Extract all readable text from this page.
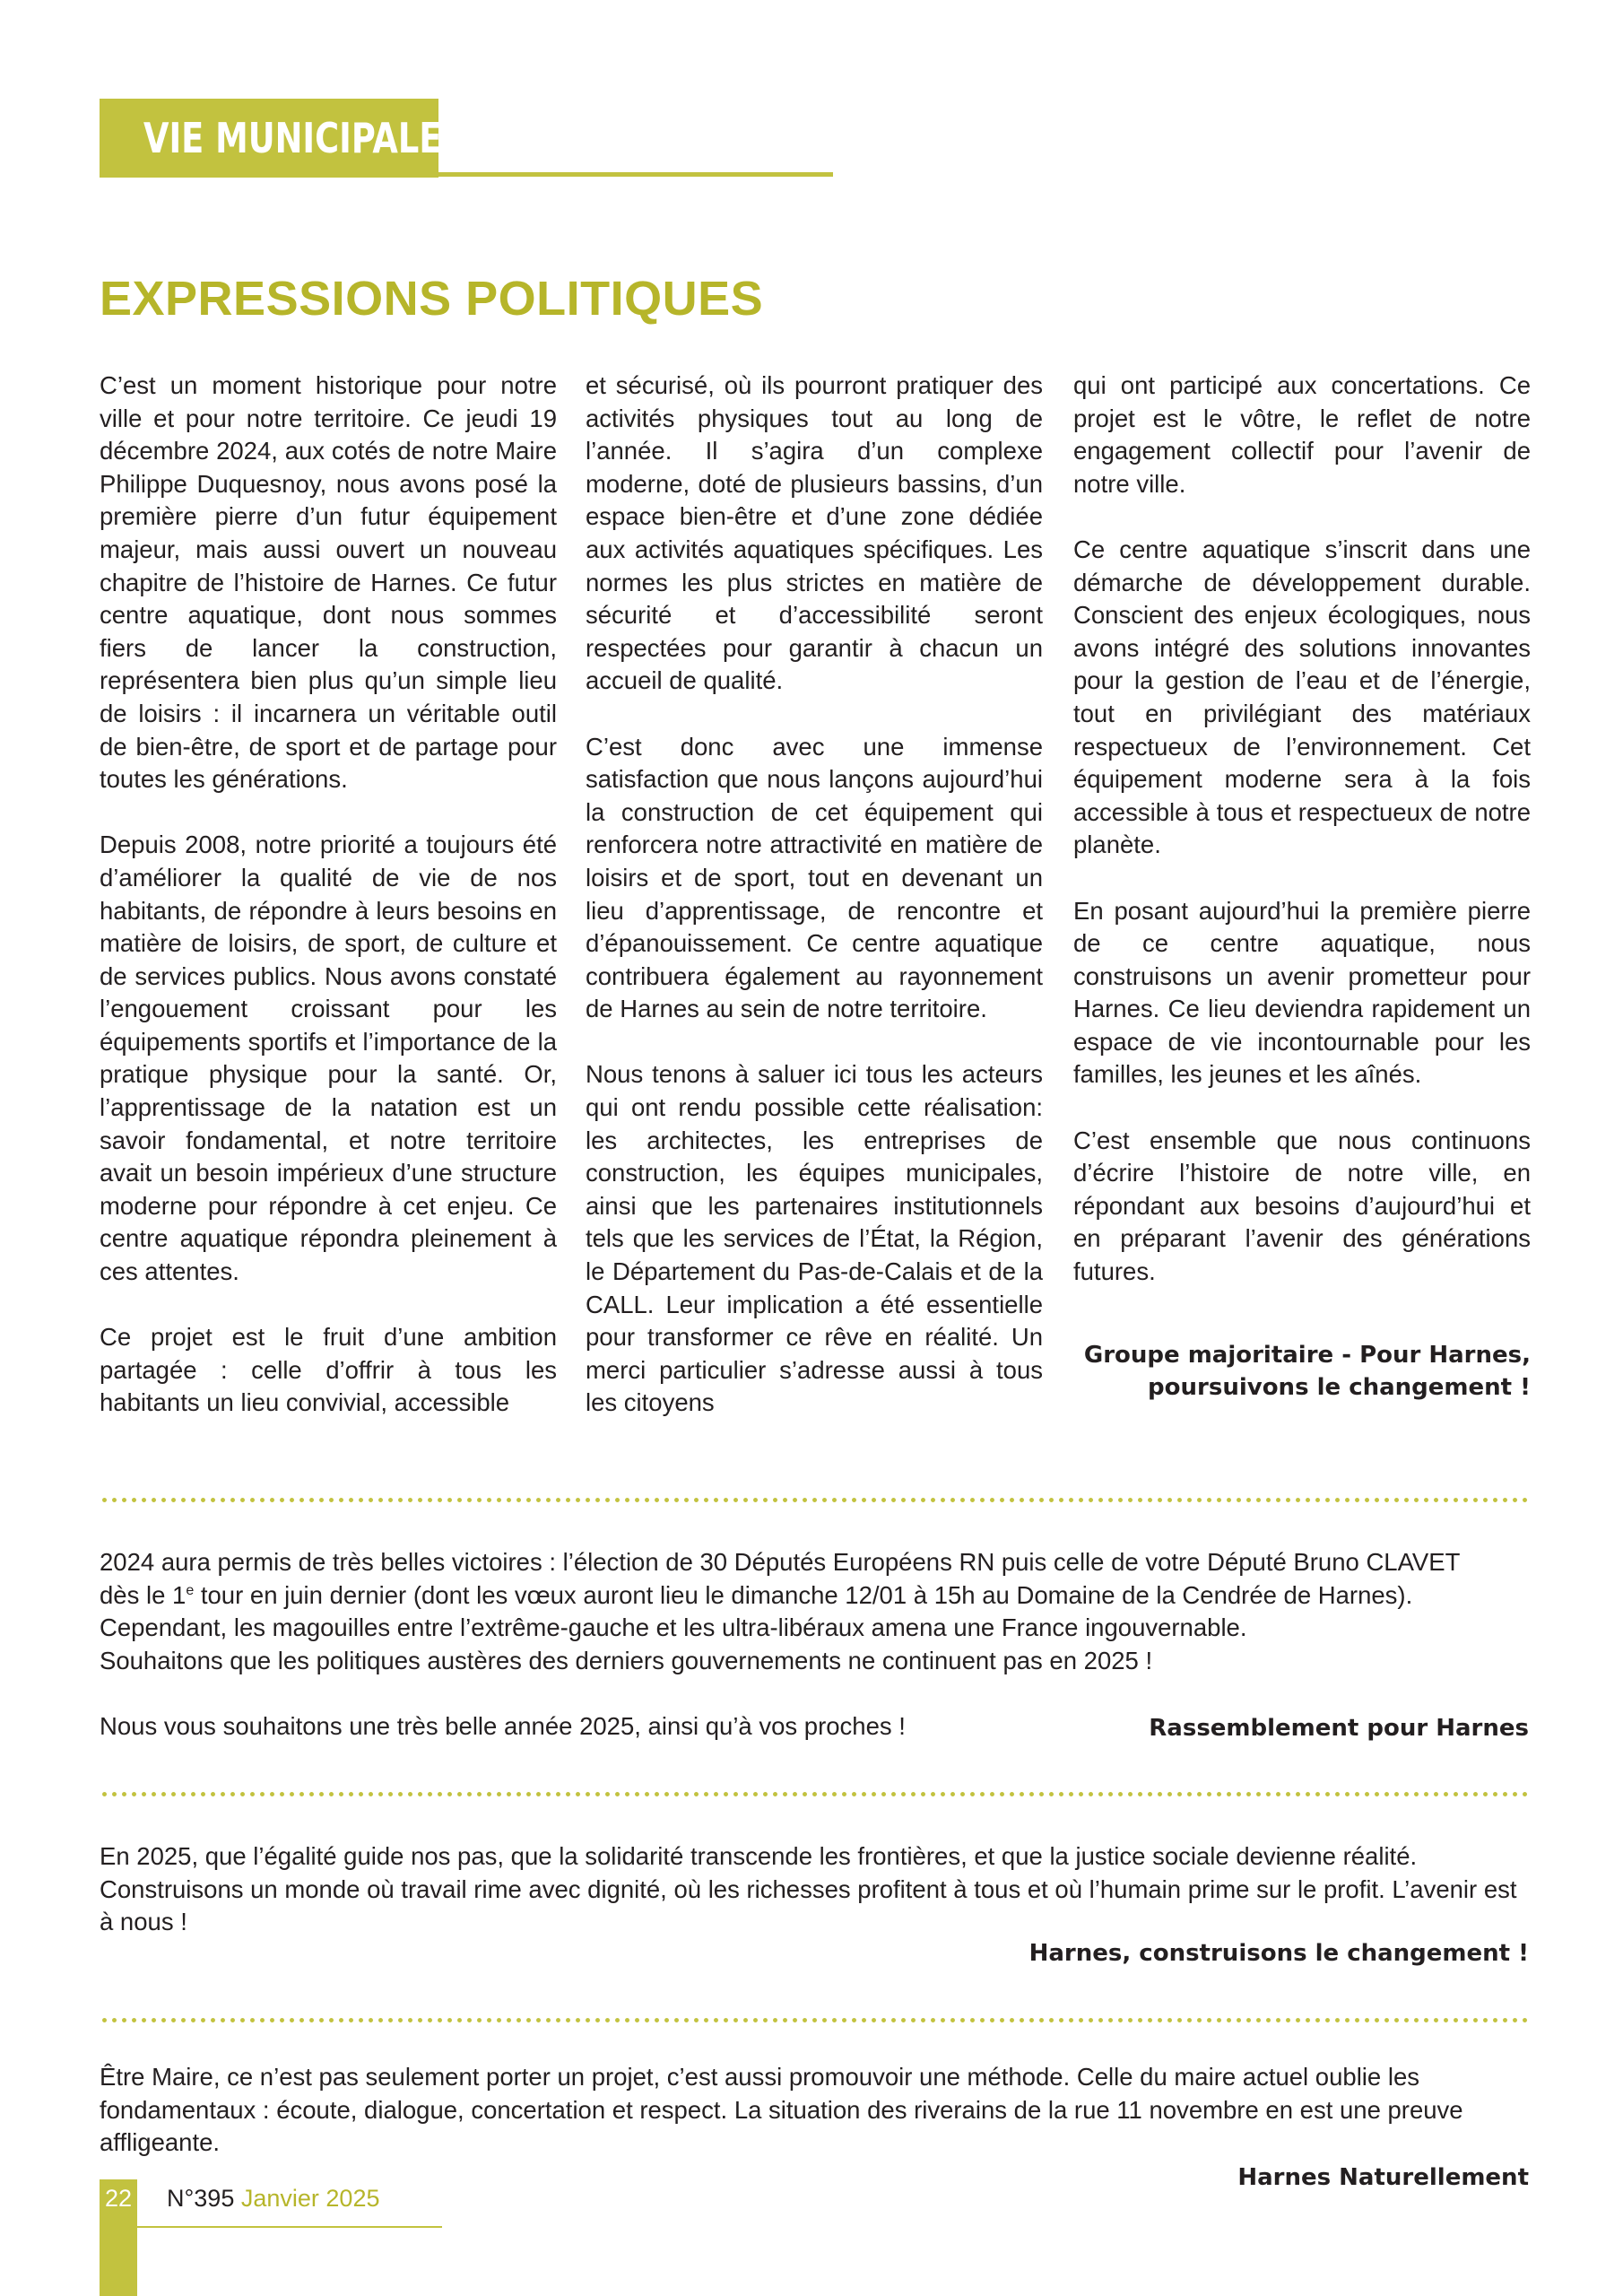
VIE MUNICIPALE
EXPRESSIONS POLITIQUES

C’est un moment historique pour notre ville et pour notre territoire. Ce jeudi 19 décembre 2024, aux cotés de notre Maire Philippe Duquesnoy, nous avons posé la première pierre d’un futur équipement majeur, mais aussi ouvert un nouveau chapitre de l’histoire de Harnes. Ce futur centre aquatique, dont nous sommes fiers de lancer la construction, représentera bien plus qu’un simple lieu de loisirs : il incarnera un véritable outil de bien-être, de sport et de partage pour toutes les générations.

Depuis 2008, notre priorité a toujours été d’améliorer la qualité de vie de nos habitants, de répondre à leurs besoins en matière de loisirs, de sport, de culture et de services publics. Nous avons constaté l’engouement croissant pour les équipements sportifs et l’importance de la pratique physique pour la santé. Or, l’apprentissage de la natation est un savoir fondamental, et notre territoire avait un besoin impérieux d’une structure moderne pour répondre à cet enjeu. Ce centre aquatique répondra pleinement à ces attentes.

Ce projet est le fruit d’une ambition partagée : celle d’offrir à tous les habitants un lieu convivial, accessible

et sécurisé, où ils pourront pratiquer des activités physiques tout au long de l’année. Il s’agira d’un complexe moderne, doté de plusieurs bassins, d’un espace bien-être et d’une zone dédiée aux activités aquatiques spécifiques. Les normes les plus strictes en matière de sécurité et d’accessibilité seront respectées pour garantir à chacun un accueil de qualité.

C’est donc avec une immense satisfaction que nous lançons aujourd’hui la construction de cet équipement qui renforcera notre attractivité en matière de loisirs et de sport, tout en devenant un lieu d’apprentissage, de rencontre et d’épanouissement. Ce centre aquatique contribuera également au rayonnement de Harnes au sein de notre territoire.

Nous tenons à saluer ici tous les acteurs qui ont rendu possible cette réalisation: les architectes, les entreprises de construction, les équipes municipales, ainsi que les partenaires institutionnels tels que les services de l’État, la Région, le Département du Pas-de-Calais et de la CALL. Leur implication a été essentielle pour transformer ce rêve en réalité. Un merci particulier s’adresse aussi à tous les citoyens

qui ont participé aux concertations. Ce projet est le vôtre, le reflet de notre engagement collectif pour l’avenir de notre ville.

Ce centre aquatique s’inscrit dans une démarche de développement durable. Conscient des enjeux écologiques, nous avons intégré des solutions innovantes pour la gestion de l’eau et de l’énergie, tout en privilégiant des matériaux respectueux de l’environnement. Cet équipement moderne sera à la fois accessible à tous et respectueux de notre planète.

En posant aujourd’hui la première pierre de ce centre aquatique, nous construisons un avenir prometteur pour Harnes. Ce lieu deviendra rapidement un espace de vie incontournable pour les familles, les jeunes et les aînés.

C’est ensemble que nous continuons d’écrire l’histoire de notre ville, en répondant aux besoins d’aujourd’hui et en préparant l’avenir des générations futures.

Groupe majoritaire - Pour Harnes,
poursuivons le changement !

2024 aura permis de très belles victoires : l’élection de 30 Députés Européens RN puis celle de votre Député Bruno CLAVET

dès le 1e tour en juin dernier (dont les vœux auront lieu le dimanche 12/01 à 15h au Domaine de la Cendrée de Harnes).

Cependant, les magouilles entre l’extrême-gauche et les ultra-libéraux amena une France ingouvernable.

Souhaitons que les politiques austères des derniers gouvernements ne continuent pas en 2025 !

Nous vous souhaitons une très belle année 2025, ainsi qu’à vos proches !	Rassemblement pour Harnes

En 2025, que l’égalité guide nos pas, que la solidarité transcende les frontières, et que la justice sociale devienne réalité. Construisons un monde où travail rime avec dignité, où les richesses profitent à tous et où l’humain prime sur le profit. L’avenir est à nous !

Harnes, construisons le changement !

Être Maire, ce n’est pas seulement porter un projet, c’est aussi promouvoir une méthode. Celle du maire actuel oublie les fondamentaux : écoute, dialogue, concertation et respect. La situation des riverains de la rue 11 novembre en est une preuve affligeante.

Harnes Naturellement
22 N°395 Janvier 2025
